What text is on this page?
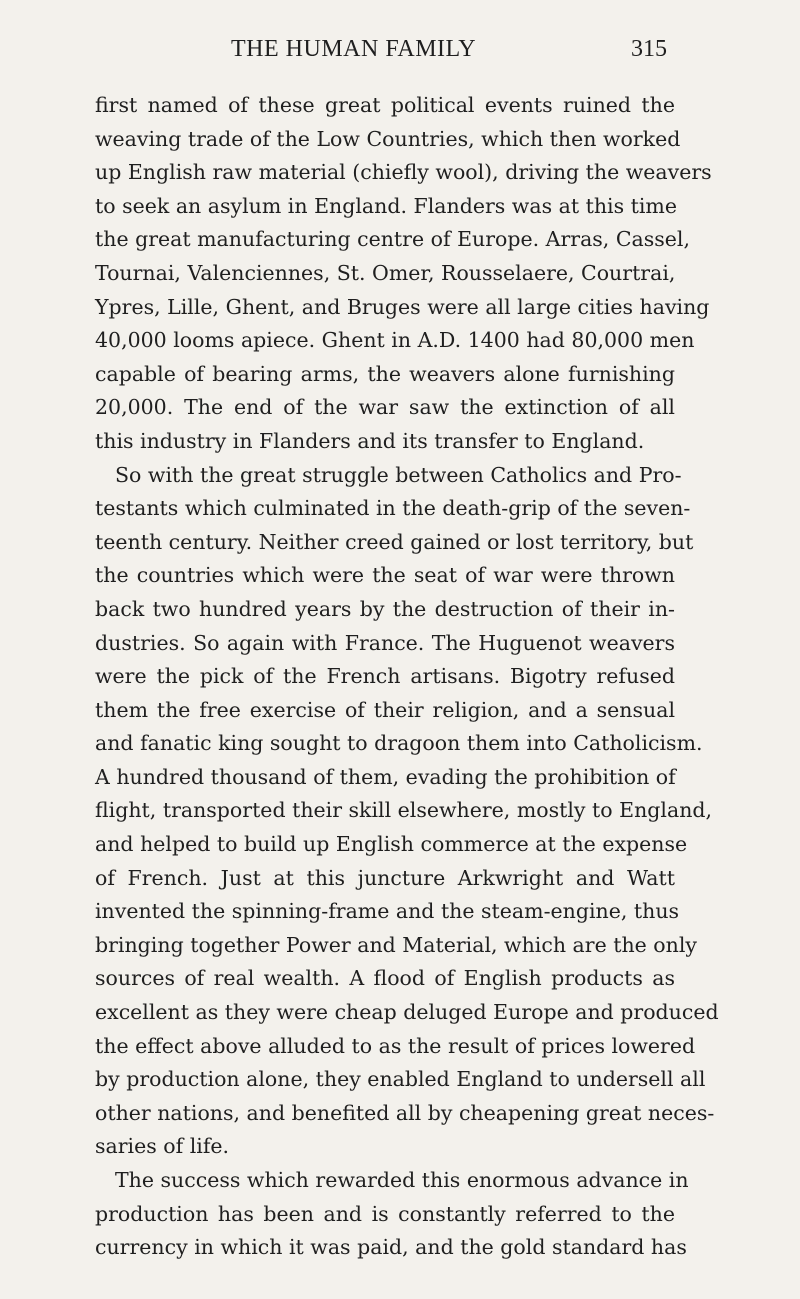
THE HUMAN FAMILY	315
first named of these great political events ruined the
weaving trade of the Low Countries, which then worked
up English raw material (chiefly wool), driving the weavers
to seek an asylum in England. Flanders was at this time
the great manufacturing centre of Europe. Arras, Cassel,
Tournai, Valenciennes, St. Omer, Rousselaere, Courtrai,
Ypres, Lille, Ghent, and Bruges were all large cities having
40,000 looms apiece. Ghent in A.D. 1400 had 80,000 men
capable of bearing arms, the weavers alone furnishing
20,000. The end of the war saw the extinction of all
this industry in Flanders and its transfer to England.
So with the great struggle between Catholics and Pro-
testants which culminated in the death-grip of the seven-
teenth century. Neither creed gained or lost territory, but
the countries which were the seat of war were thrown
back two hundred years by the destruction of their in-
dustries. So again with France. The Huguenot weavers
were the pick of the French artisans. Bigotry refused
them the free exercise of their religion, and a sensual
and fanatic king sought to dragoon them into Catholicism.
A hundred thousand of them, evading the prohibition of
flight, transported their skill elsewhere, mostly to England,
and helped to build up English commerce at the expense
of French. Just at this juncture Arkwright and Watt
invented the spinning-frame and the steam-engine, thus
bringing together Power and Material, which are the only
sources of real wealth. A flood of English products as
excellent as they were cheap deluged Europe and produced
the effect above alluded to as the result of prices lowered
by production alone, they enabled England to undersell all
other nations, and benefited all by cheapening great neces-
saries of life.
The success which rewarded this enormous advance in
production has been and is constantly referred to the
currency in which it was paid, and the gold standard has
